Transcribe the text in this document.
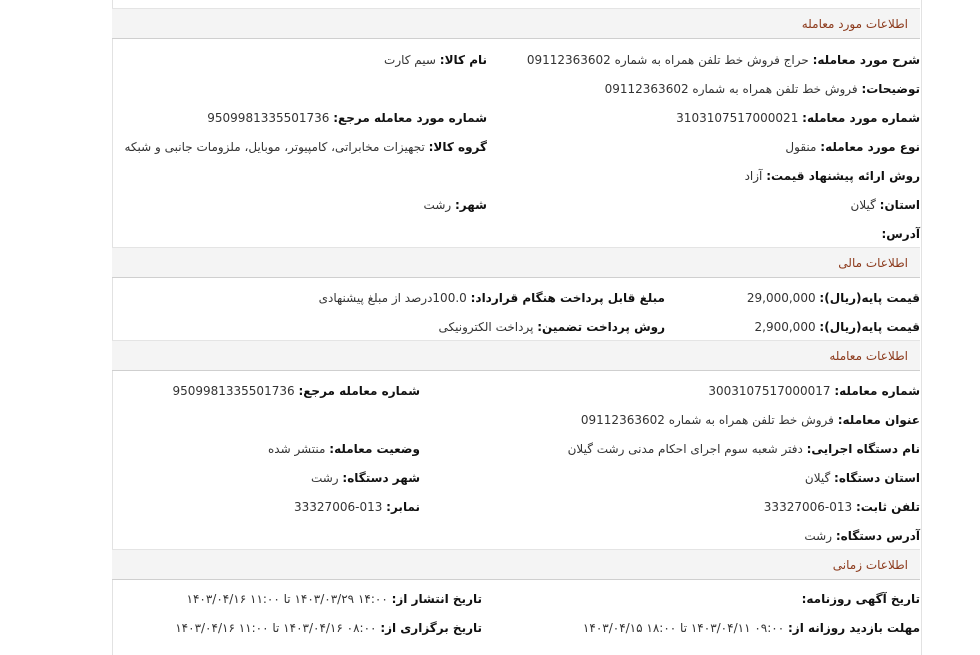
اطلاعات مورد معامله
شرح مورد معامله: حراج فروش خط تلفن همراه به شماره 09112363602
نام کالا: سیم کارت
توضیحات: فروش خط تلفن همراه به شماره 09112363602
شماره مورد معامله: 3103107517000021
شماره مورد معامله مرجع: 9509981335501736
نوع مورد معامله: منقول
گروه کالا: تجهیزات مخابراتی، کامپیوتر، موبایل، ملزومات جانبی و شبکه
روش ارائه پیشنهاد قیمت: آزاد
استان: گیلان
شهر: رشت
آدرس:
اطلاعات مالی
قیمت پایه(ریال): 29,000,000
مبلغ قابل پرداخت هنگام قرارداد: 100.0درصد از مبلغ پیشنهادی
قیمت پایه(ریال): 2,900,000
روش پرداخت تضمین: پرداخت الکترونیکی
اطلاعات معامله
شماره معامله: 3003107517000017
شماره معامله مرجع: 9509981335501736
عنوان معامله: فروش خط تلفن همراه به شماره 09112363602
نام دستگاه اجرایی: دفتر شعبه سوم اجرای احکام مدنی رشت گیلان
وضعیت معامله: منتشر شده
استان دستگاه: گیلان
شهر دستگاه: رشت
تلفن ثابت: 013-33327006
نمابر: 013-33327006
آدرس دستگاه: رشت
اطلاعات زمانی
تاریخ آگهی روزنامه:
تاریخ انتشار از: ۱۴:۰۰ ۱۴۰۳/۰۳/۲۹ تا ۱۱:۰۰ ۱۴۰۳/۰۴/۱۶
مهلت بازدید روزانه از: ۰۹:۰۰ ۱۴۰۳/۰۴/۱۱ تا ۱۸:۰۰ ۱۴۰۳/۰۴/۱۵
تاریخ برگزاری از: ۰۸:۰۰ ۱۴۰۳/۰۴/۱۶ تا ۱۱:۰۰ ۱۴۰۳/۰۴/۱۶
